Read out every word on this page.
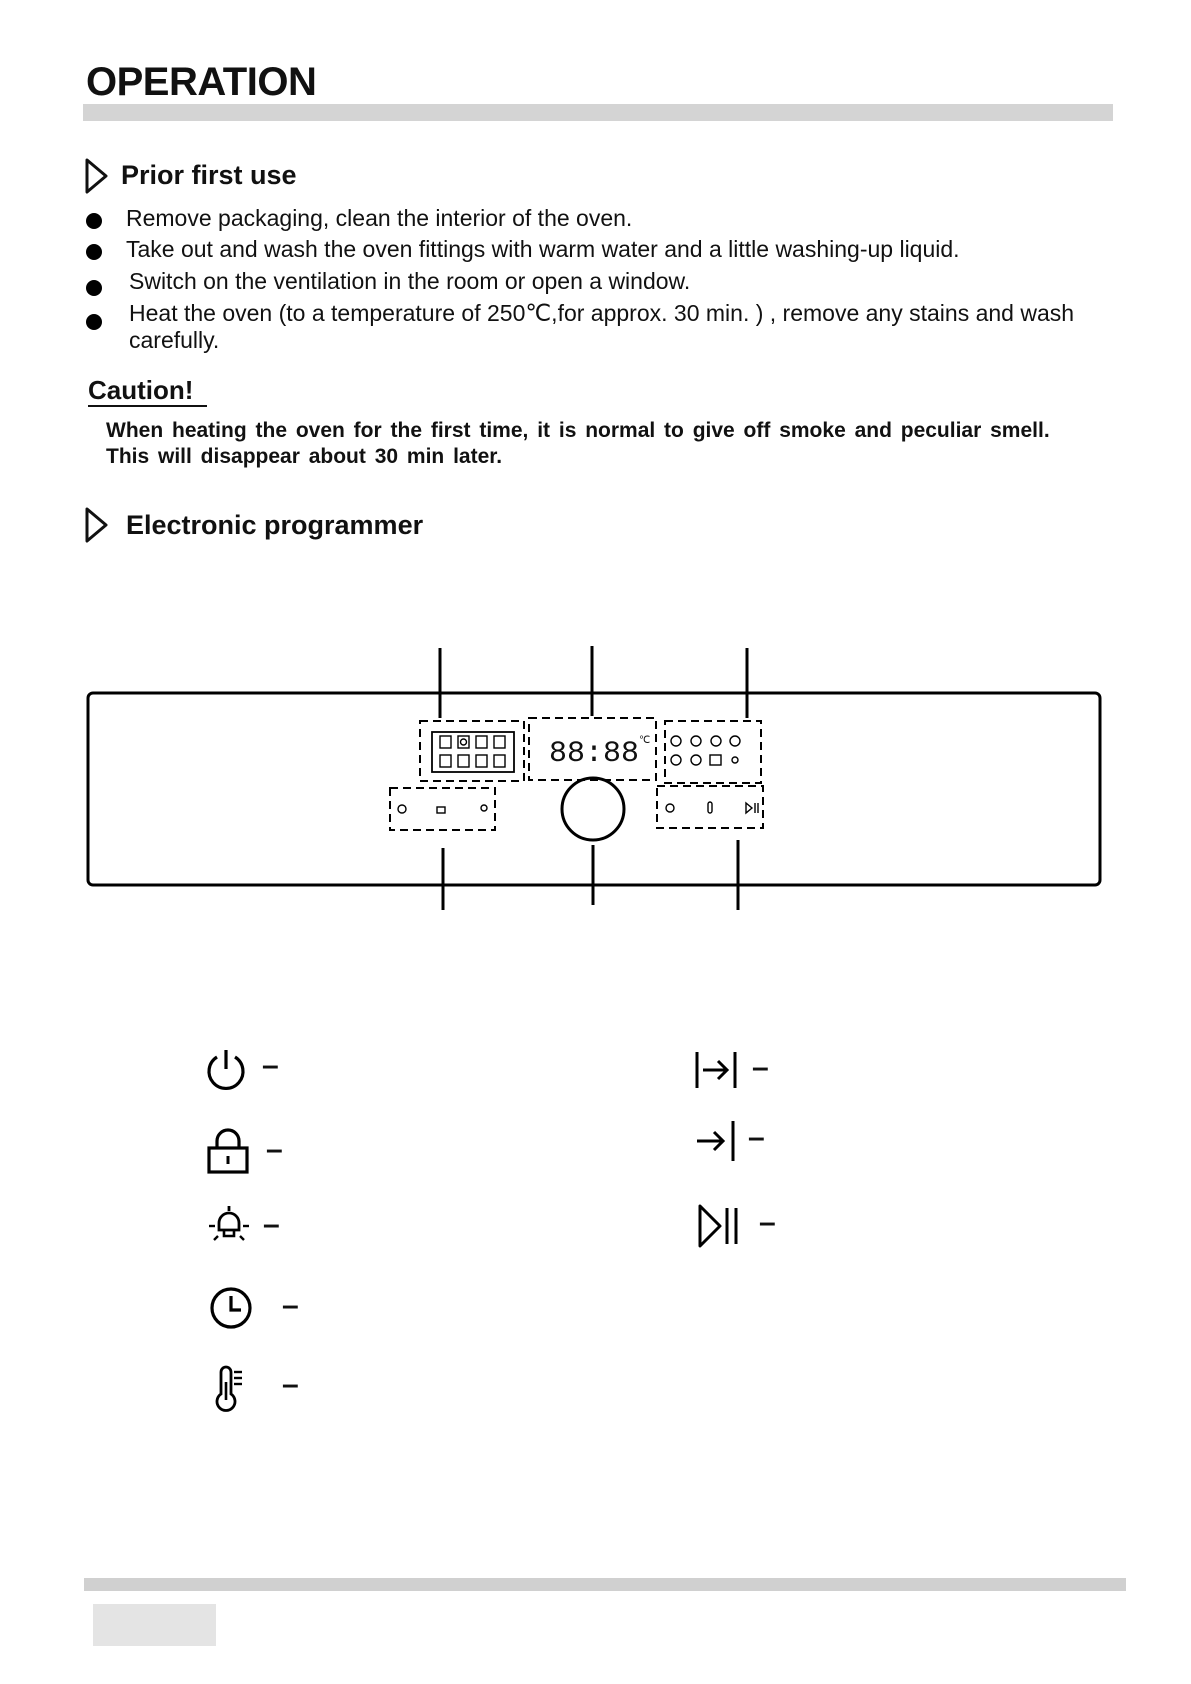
OPERATION
Prior first use
Remove packaging, clean the interior of the oven.
Take out and wash the oven fittings with warm water and a little washing-up liquid.
Switch on the ventilation in the room or open a window.
Heat the oven (to a temperature of 250℃,for approx. 30 min. ) , remove any stains and wash carefully.
Caution!
When heating the oven for the first time, it is normal to give off smoke and peculiar smell. This will disappear about 30 min later.
Electronic programmer
88:88 ℃
–
–
–
–
–
–
–
–
